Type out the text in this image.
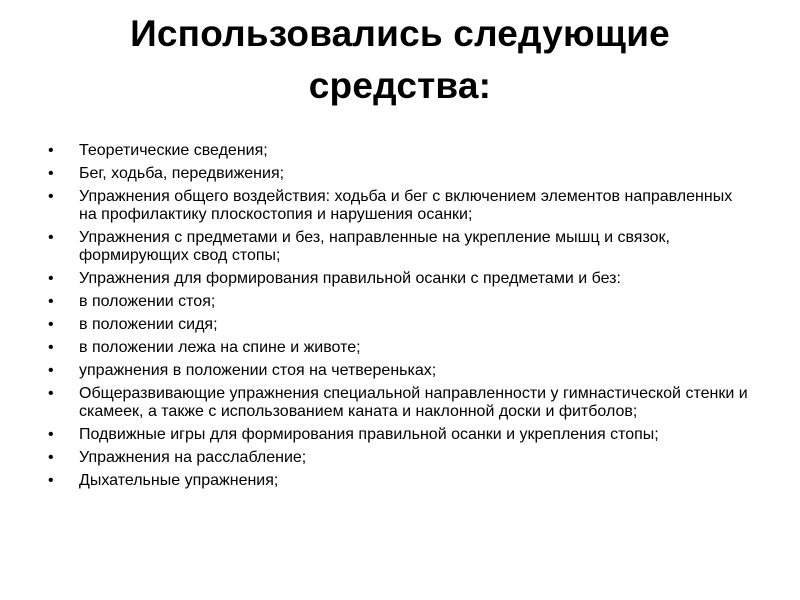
Использовались следующие средства:
•	Теоретические сведения;
•	Бег, ходьба, передвижения;
•	Упражнения общего воздействия: ходьба и бег с включением элементов направленных на профилактику плоскостопия и нарушения осанки;
•	Упражнения с предметами и без, направленные на укрепление мышц и связок, формирующих свод стопы;
•	Упражнения для формирования правильной осанки с предметами и без:
•	в положении стоя;
•	в положении сидя;
•	в положении лежа на спине и животе;
•	упражнения в положении стоя на четвереньках;
•	Общеразвивающие упражнения специальной направленности у гимнастической стенки и скамеек, а также с использованием каната и наклонной доски и фитболов;
•	Подвижные игры для формирования правильной осанки и укрепления стопы;
•	Упражнения на расслабление;
•	Дыхательные упражнения;
